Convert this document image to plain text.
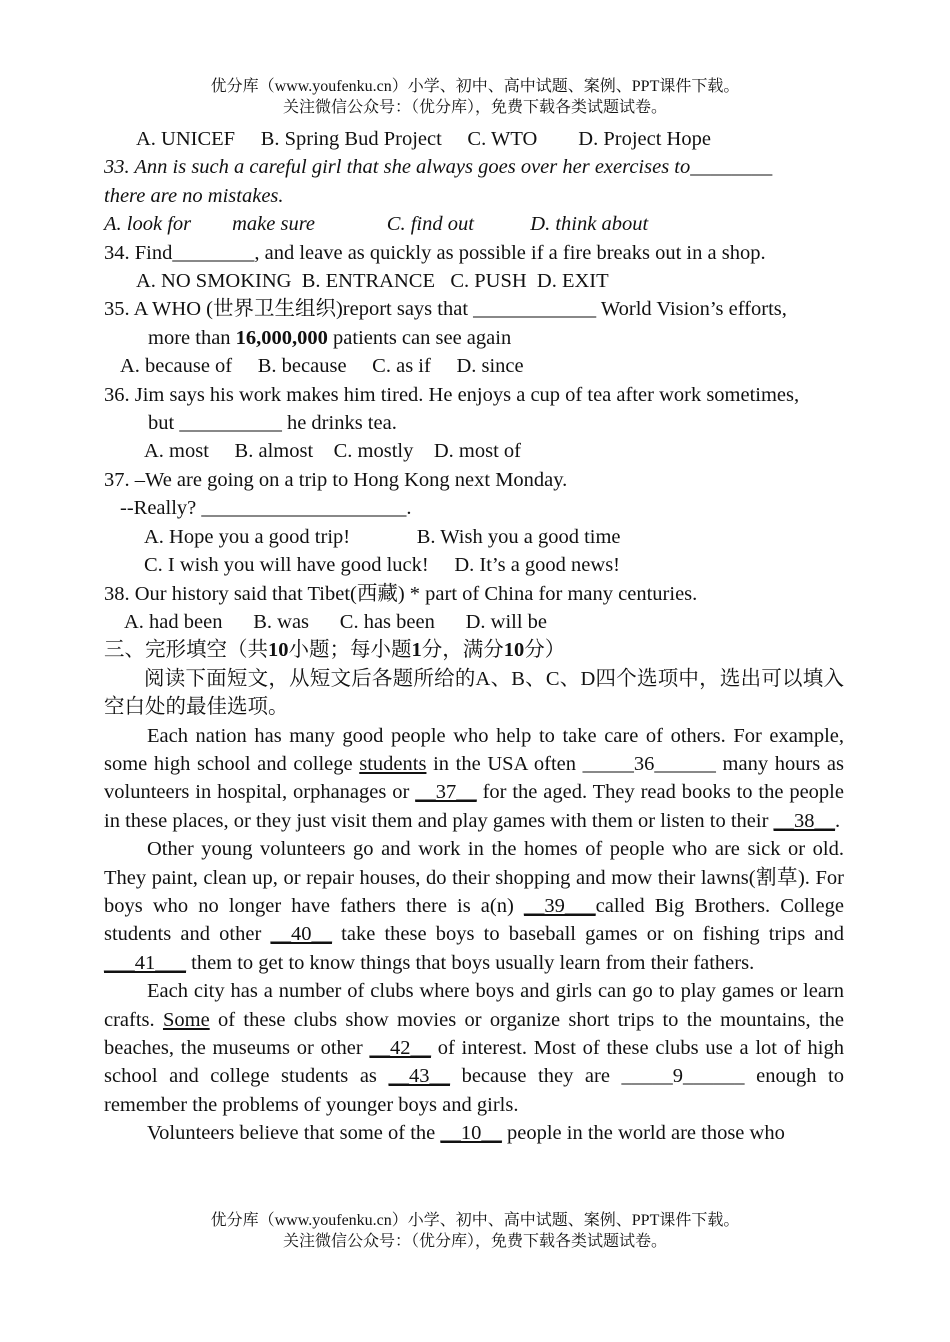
优分库（www.youfenku.cn）小学、初中、高中试题、案例、PPT课件下载。
关注微信公众号：（优分库），免费下载各类试题试卷。
A. UNICEF     B. Spring Bud Project     C. WTO        D. Project Hope
33. Ann is such a careful girl that she always goes over her exercises to________
there are no mistakes.
A. look for        make sure              C. find out           D. think about
34. Find________, and leave as quickly as possible if a fire breaks out in a shop.
A. NO SMOKING  B. ENTRANCE   C. PUSH  D. EXIT
35. A WHO (世界卫生组织)report says that ____________ World Vision’s efforts,
more than 16,000,000 patients can see again
A. because of     B. because     C. as if     D. since
36. Jim says his work makes him tired. He enjoys a cup of tea after work sometimes,
but __________ he drinks tea.
A. most     B. almost    C. mostly    D. most of
37. –We are going on a trip to Hong Kong next Monday.
--Really? ____________________.
A. Hope you a good trip!             B. Wish you a good time
C. I wish you will have good luck!     D. It’s a good news!
38. Our history said that Tibet(西藏) * part of China for many centuries.
A. had been      B. was      C. has been      D. will be
三、完形填空（共10小题；每小题1分，满分10分）
阅读下面短文，从短文后各题所给的A、B、C、D四个选项中，选出可以填入空白处的最佳选项。
Each nation has many good people who help to take care of others. For example, some high school and college students in the USA often _____36______ many hours as volunteers in hospital, orphanages or __37__ for the aged. They read books to the people in these places, or they just visit them and play games with them or listen to their __38__.
Other young volunteers go and work in the homes of people who are sick or old. They paint, clean up, or repair houses, do their shopping and mow their lawns(割草). For boys who no longer have fathers there is a(n) __39___called Big Brothers. College students and other __40__ take these boys to baseball games or on fishing trips and ___41___ them to get to know things that boys usually learn from their fathers.
Each city has a number of clubs where boys and girls can go to play games or learn crafts. Some of these clubs show movies or organize short trips to the mountains, the beaches, the museums or other __42__ of interest. Most of these clubs use a lot of high school and college students as __43__ because they are _____9______ enough to remember the problems of younger boys and girls.
Volunteers believe that some of the __10__ people in the world are those who
优分库（www.youfenku.cn）小学、初中、高中试题、案例、PPT课件下载。
关注微信公众号：（优分库），免费下载各类试题试卷。
